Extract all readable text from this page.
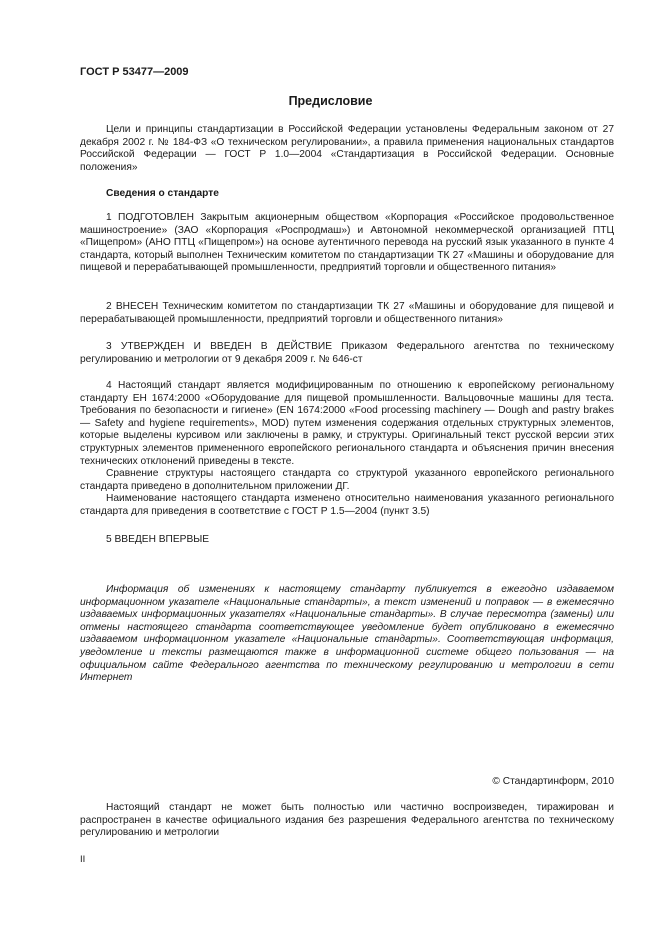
ГОСТ Р 53477—2009
Предисловие

Цели и принципы стандартизации в Российской Федерации установлены Федеральным законом от 27 декабря 2002 г. № 184-ФЗ «О техническом регулировании», а правила применения национальных стандартов Российской Федерации — ГОСТ Р 1.0—2004 «Стандартизация в Российской Федерации. Основные положения»

Сведения о стандарте

1 ПОДГОТОВЛЕН Закрытым акционерным обществом «Корпорация «Российское продовольственное машиностроение» (ЗАО «Корпорация «Роспродмаш») и Автономной некоммерческой организацией ПТЦ «Пищепром» (АНО ПТЦ «Пищепром») на основе аутентичного перевода на русский язык указанного в пункте 4 стандарта, который выполнен Техническим комитетом по стандартизации ТК 27 «Машины и оборудование для пищевой и перерабатывающей промышленности, предприятий торговли и общественного питания»

2 ВНЕСЕН Техническим комитетом по стандартизации ТК 27 «Машины и оборудование для пищевой и перерабатывающей промышленности, предприятий торговли и общественного питания»

3 УТВЕРЖДЕН И ВВЕДЕН В ДЕЙСТВИЕ Приказом Федерального агентства по техническому регулированию и метрологии от 9 декабря 2009 г. № 646-ст

4 Настоящий стандарт является модифицированным по отношению к европейскому региональному стандарту ЕН 1674:2000 «Оборудование для пищевой промышленности. Вальцовочные машины для теста. Требования по безопасности и гигиене» (EN 1674:2000 «Food processing machinery — Dough and pastry brakes — Safety and hygiene requirements», MOD) путем изменения содержания отдельных структурных элементов, которые выделены курсивом или заключены в рамку, и структуры. Оригинальный текст русской версии этих структурных элементов примененного европейского регионального стандарта и объяснения причин внесения технических отклонений приведены в тексте.

Сравнение структуры настоящего стандарта со структурой указанного европейского регионального стандарта приведено в дополнительном приложении ДГ.

Наименование настоящего стандарта изменено относительно наименования указанного регионального стандарта для приведения в соответствие с ГОСТ Р 1.5—2004 (пункт 3.5)

5 ВВЕДЕН ВПЕРВЫЕ

Информация об изменениях к настоящему стандарту публикуется в ежегодно издаваемом информационном указателе «Национальные стандарты», а текст изменений и поправок — в ежемесячно издаваемых информационных указателях «Национальные стандарты». В случае пересмотра (замены) или отмены настоящего стандарта соответствующее уведомление будет опубликовано в ежемесячно издаваемом информационном указателе «Национальные стандарты». Соответствующая информация, уведомление и тексты размещаются также в информационной системе общего пользования — на официальном сайте Федерального агентства по техническому регулированию и метрологии в сети Интернет

© Стандартинформ, 2010

Настоящий стандарт не может быть полностью или частично воспроизведен, тиражирован и распространен в качестве официального издания без разрешения Федерального агентства по техническому регулированию и метрологии

II
